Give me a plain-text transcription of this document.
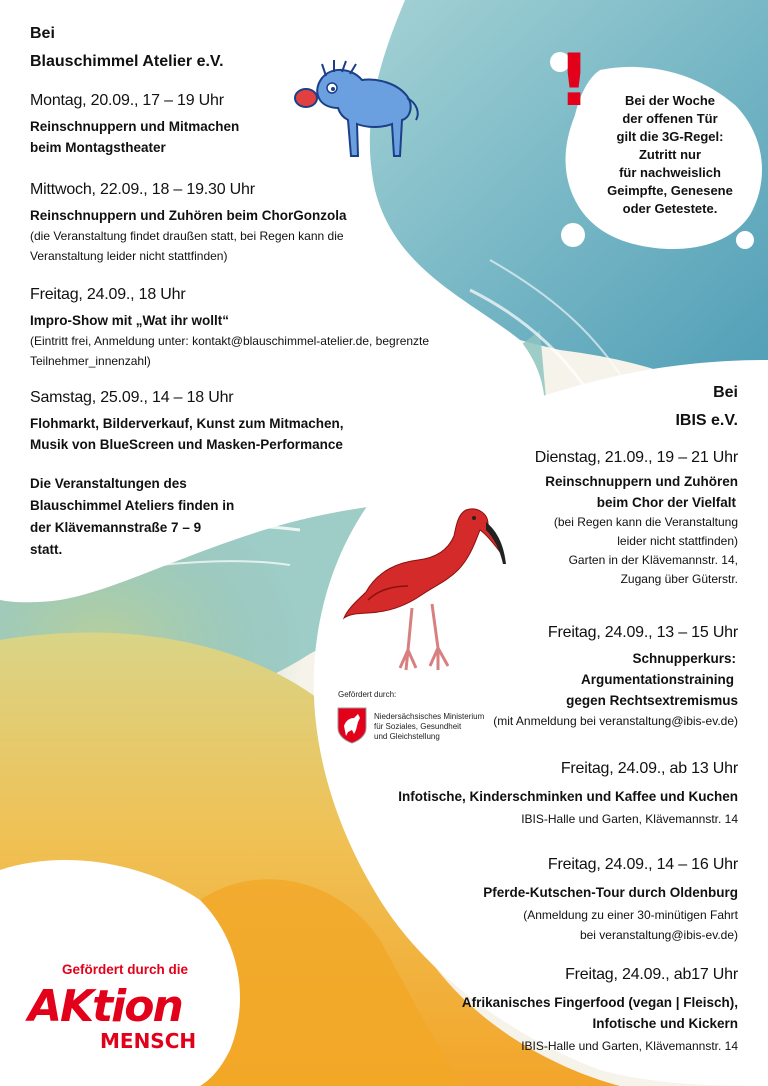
Bei
Blauschimmel Atelier e.V.
Montag, 20.09., 17 – 19 Uhr
Reinschnuppern und Mitmachen
beim Montagstheater
Mittwoch, 22.09., 18 – 19.30 Uhr
Reinschnuppern und Zuhören beim ChorGonzola
(die Veranstaltung findet draußen statt, bei Regen kann die
Veranstaltung leider nicht stattfinden)
Freitag, 24.09., 18 Uhr
Impro-Show mit „Wat ihr wollt“
(Eintritt frei, Anmeldung unter: kontakt@blauschimmel-atelier.de, begrenzte
Teilnehmer_innenzahl)
Samstag, 25.09., 14 – 18 Uhr
Flohmarkt, Bilderverkauf, Kunst zum Mitmachen,
Musik von BlueScreen und Masken-Performance
Die Veranstaltungen des
Blauschimmel Ateliers finden in
der Klävemannstraße 7 – 9
statt.
!	Bei der Woche
der offenen Tür
gilt die 3G-Regel:
Zutritt nur
für nachweislich
Geimpfte, Genesene
oder Getestete.
Bei
IBIS e.V.
Dienstag, 21.09., 19 – 21 Uhr
Reinschnuppern und Zuhören
beim Chor der Vielfalt
(bei Regen kann die Veranstaltung
leider nicht stattfinden)
Garten in der Klävemannstr. 14,
Zugang über Güterstr.
Freitag, 24.09., 13 – 15 Uhr
Schnupperkurs:
Argumentationstraining
gegen Rechtsextremismus
(mit Anmeldung bei veranstaltung@ibis-ev.de)
Gefördert durch:
Niedersächsisches Ministerium
für Soziales, Gesundheit
und Gleichstellung
Freitag, 24.09., ab 13 Uhr
Infotische, Kinderschminken und Kaffee und Kuchen
IBIS-Halle und Garten, Klävemannstr. 14
Freitag, 24.09., 14 – 16 Uhr
Pferde-Kutschen-Tour durch Oldenburg
(Anmeldung zu einer 30-minütigen Fahrt
bei veranstaltung@ibis-ev.de)
Freitag, 24.09., ab17 Uhr
Afrikanisches Fingerfood (vegan | Fleisch),
Infotische und Kickern
IBIS-Halle und Garten, Klävemannstr. 14
Gefördert durch die
AKtion
MENSCH
